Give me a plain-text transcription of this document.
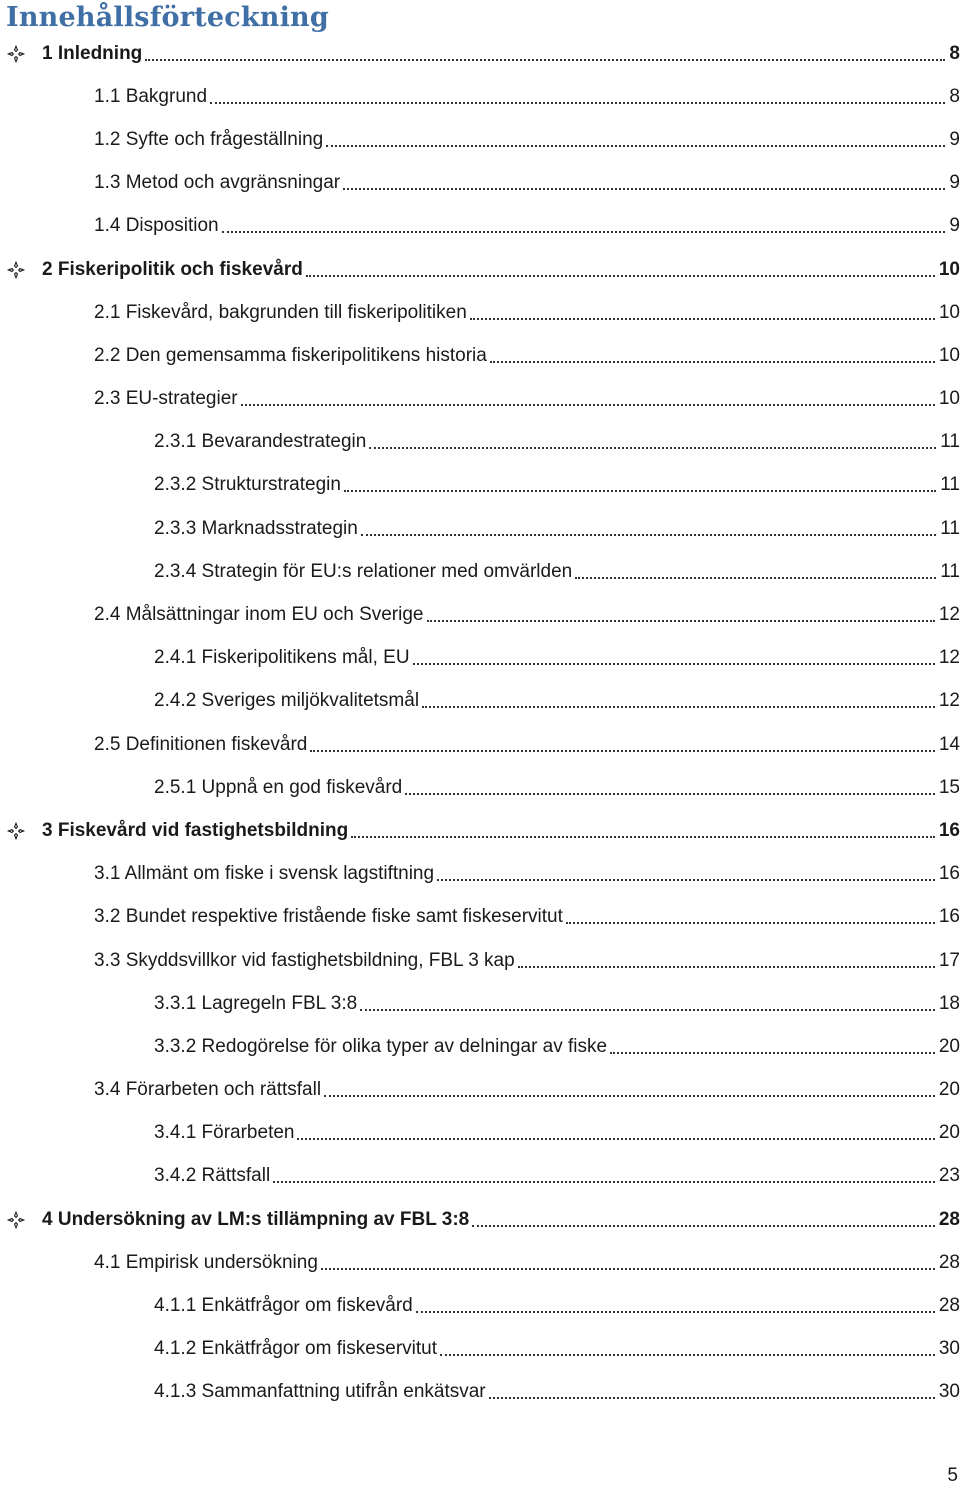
Innehållsförteckning
1 Inledning	8
1.1 Bakgrund	8
1.2 Syfte och frågeställning	9
1.3 Metod och avgränsningar	9
1.4 Disposition	9
2 Fiskeripolitik och fiskevård	10
2.1 Fiskevård, bakgrunden till fiskeripolitiken	10
2.2 Den gemensamma fiskeripolitikens historia	10
2.3 EU-strategier	10
2.3.1 Bevarandestrategin	11
2.3.2 Strukturstrategin	11
2.3.3 Marknadsstrategin	11
2.3.4 Strategin för EU:s relationer med omvärlden	11
2.4 Målsättningar inom EU och Sverige	12
2.4.1 Fiskeripolitikens mål, EU	12
2.4.2 Sveriges miljökvalitetsmål	12
2.5 Definitionen fiskevård	14
2.5.1 Uppnå en god fiskevård	15
3 Fiskevård vid fastighetsbildning	16
3.1 Allmänt om fiske i svensk lagstiftning	16
3.2 Bundet respektive fristående fiske samt fiskeservitut	16
3.3 Skyddsvillkor vid fastighetsbildning, FBL 3 kap	17
3.3.1 Lagregeln FBL 3:8	18
3.3.2 Redogörelse för olika typer av delningar av fiske	20
3.4 Förarbeten och rättsfall	20
3.4.1 Förarbeten	20
3.4.2 Rättsfall	23
4 Undersökning av LM:s tillämpning av FBL 3:8	28
4.1 Empirisk undersökning	28
4.1.1 Enkätfrågor om fiskevård	28
4.1.2 Enkätfrågor om fiskeservitut	30
4.1.3 Sammanfattning utifrån enkätsvar	30
5
